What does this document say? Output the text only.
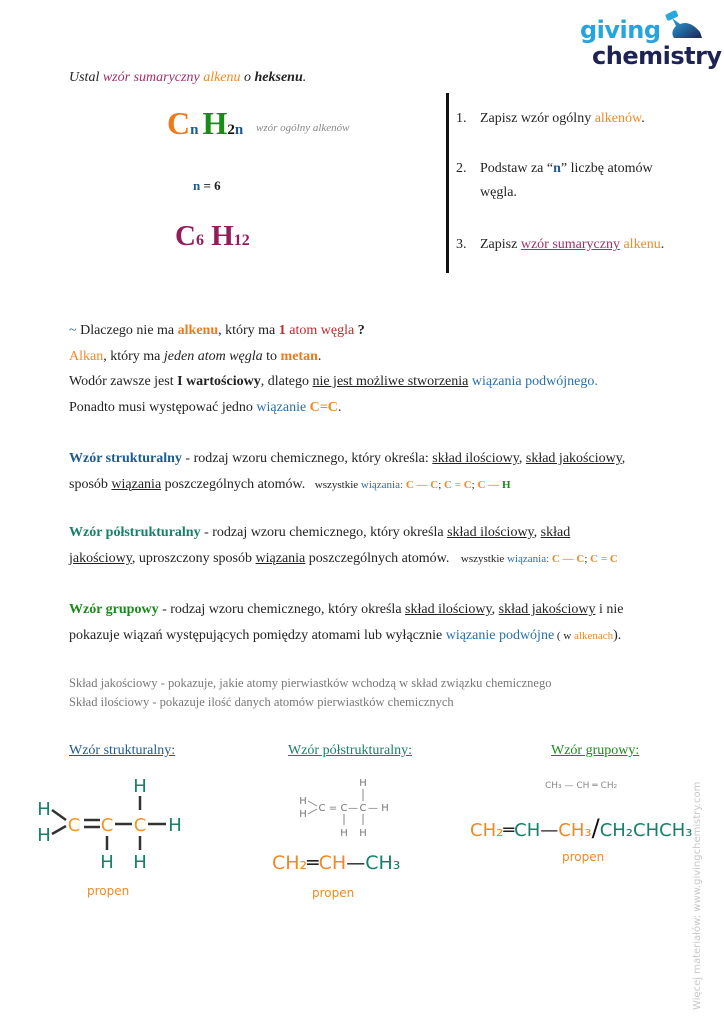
giving
chemistry
Ustal wzór sumaryczny alkenu o heksenu.
Cn H2n wzór ogólny alkenów
n = 6
C6 H12
1. Zapisz wzór ogólny alkenów.
2. Podstaw za “n” liczbę atomów
węgla.
3. Zapisz wzór sumaryczny alkenu.
~ Dlaczego nie ma alkenu, który ma 1 atom węgla ?
Alkan, który ma jeden atom węgla to metan.
Wodór zawsze jest I wartościowy, dlatego nie jest możliwe stworzenia wiązania podwójnego.
Ponadto musi występować jedno wiązanie C=C.
Wzór strukturalny - rodzaj wzoru chemicznego, który określa: skład ilościowy, skład jakościowy,
sposób wiązania poszczególnych atomów. wszystkie wiązania: C — C; C = C; C — H
Wzór półstrukturalny - rodzaj wzoru chemicznego, który określa skład ilościowy, skład
jakościowy, uproszczony sposób wiązania poszczególnych atomów. wszystkie wiązania: C — C; C = C
Wzór grupowy - rodzaj wzoru chemicznego, który określa skład ilościowy, skład jakościowy i nie
pokazuje wiązań występujących pomiędzy atomami lub wyłącznie wiązanie podwójne ( w alkenach).
Skład jakościowy - pokazuje, jakie atomy pierwiastków wchodzą w skład związku chemicznego
Skład ilościowy - pokazuje ilość danych atomów pierwiastków chemicznych
Wzór strukturalny:	Wzór półstrukturalny:	Wzór grupowy:
H
H C C C H
H
H H
propen
H
H
H
C = C — C — H
H H
CH₂═CH—CH₃
propen
CH₃ — CH ═ CH₂
CH₂═CH—CH₃/CH₂CHCH₃
propen	Więcej materiałów: www.givingchemistry.com
